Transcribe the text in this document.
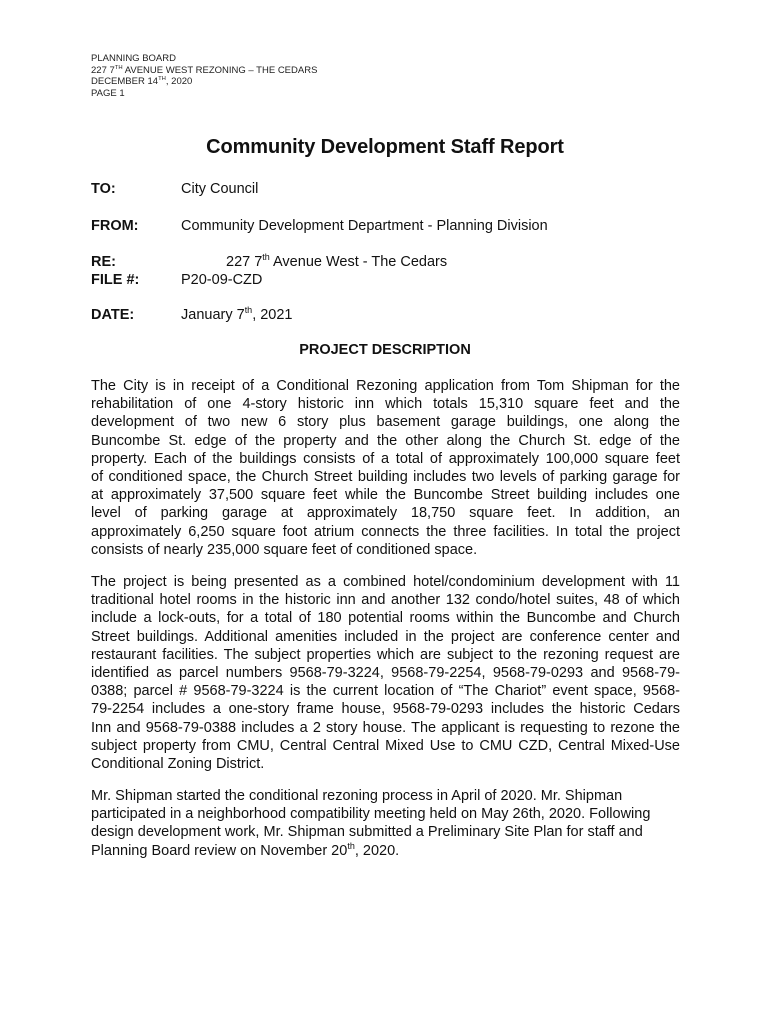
PLANNING BOARD
227 7TH AVENUE WEST REZONING – THE CEDARS
DECEMBER 14TH, 2020
PAGE 1
Community Development Staff Report
TO:	City Council
FROM:	Community Development Department - Planning Division
RE:	227 7th Avenue West - The Cedars
FILE #:	P20-09-CZD
DATE:	January 7th, 2021
PROJECT DESCRIPTION
The City is in receipt of a Conditional Rezoning application from Tom Shipman for the
rehabilitation of one 4-story historic inn which totals 15,310 square feet and the
development of two new 6 story plus basement garage buildings, one along the
Buncombe St. edge of the property and the other along the Church St. edge of the
property. Each of the buildings consists of a total of approximately 100,000 square feet
of conditioned space, the Church Street building includes two levels of parking garage for
at approximately 37,500 square feet while the Buncombe Street building includes one
level of parking garage at approximately 18,750 square feet. In addition, an
approximately 6,250 square foot atrium connects the three facilities. In total the project
consists of nearly 235,000 square feet of conditioned space.
The project is being presented as a combined hotel/condominium development with 11
traditional hotel rooms in the historic inn and another 132 condo/hotel suites, 48 of which
include a lock-outs, for a total of 180 potential rooms within the Buncombe and Church
Street buildings. Additional amenities included in the project are conference center and
restaurant facilities. The subject properties which are subject to the rezoning request are
identified as parcel numbers 9568-79-3224, 9568-79-2254, 9568-79-0293 and 9568-79-
0388; parcel # 9568-79-3224 is the current location of “The Chariot” event space, 9568-
79-2254 includes a one-story frame house, 9568-79-0293 includes the historic Cedars
Inn and 9568-79-0388 includes a 2 story house. The applicant is requesting to rezone the
subject property from CMU, Central Central Mixed Use to CMU CZD, Central Mixed-Use
Conditional Zoning District.
Mr. Shipman started the conditional rezoning process in April of 2020. Mr. Shipman
participated in a neighborhood compatibility meeting held on May 26th, 2020. Following
design development work, Mr. Shipman submitted a Preliminary Site Plan for staff and
Planning Board review on November 20th, 2020.
